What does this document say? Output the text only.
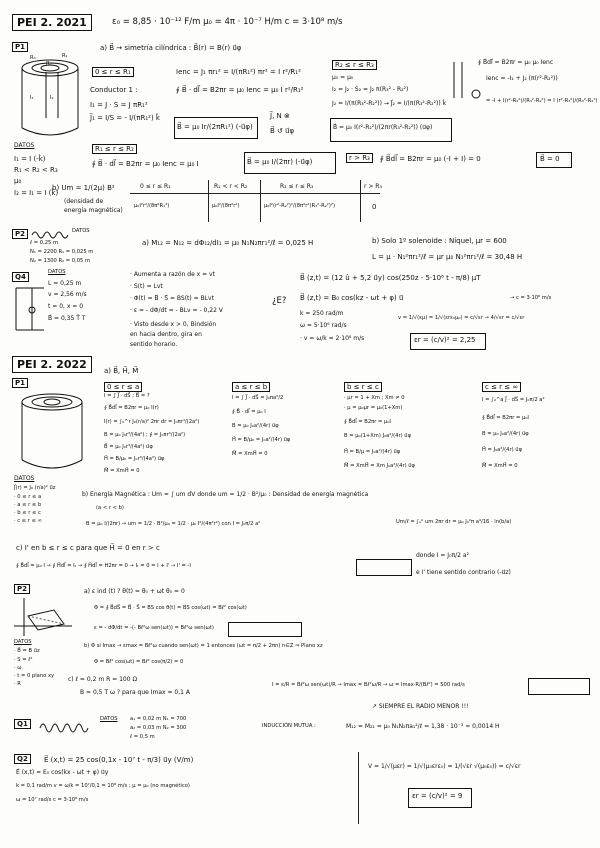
PEI 2. 2021	ε₀ = 8,85 · 10⁻¹² F/m μ₀ = 4π · 10⁻⁷ H/m c = 3·10⁸ m/s
P1	a) B⃗ → simetría cilíndrica : B⃗(r) = B(r) u⃗φ
R₁
R₃
R₂
I₁	I₂
DATOS
I₁ = I (-k̂)
R₁ < R₂ < R₃
μ₀
I₂ = I₁ = I (k̂)
0 ≤ r ≤ R₁
Conductor 1 :
I₁ = J · S = J πR₁²
J⃗₁ = I/S = - I/(πR₁²) k̂
Ienc = J₁ πr₁² = I/(πR₁²) πr² = I r²/R₁²
∮ B⃗ · dl⃗ = B2πr = μ₀ Ienc = μ₀ I r²/R₁²
B⃗ = μ₀ Ir/(2πR₁²) (-u⃗φ)
J⃗, N ⊗
B⃗ ↺ u⃗φ
R₁ ≤ r ≤ R₂
∮ B⃗ · dl⃗ = B2πr = μ₀ Ienc = μ₀ I	B⃗ = μ₀ I/(2πr) (-u⃗φ)
R₂ ≤ r ≤ R₃
μ₀ = μ₀
I₂ = J₂ · S₂ = J₂ π(R₃² - R₂²)
J₂ = I/(π(R₃²-R₂²)) → J⃗₂ = I/(π(R₃²-R₂²)) k̂
B⃗ = μ₀ I(r²-R₂²)/(2πr(R₃²-R₂²)) (u⃗φ)
∮ B⃗dl⃗ = B2πr = μ₀ μ₀ Ienc
Ienc = -I₁ + J₂ (π(r²-R₂²))
= -I + I(r²-R₂²)/(R₃²-R₂²) = I (r²-R₃²)/(R₃²-R₂²)
r > R₃	∮ B⃗dl⃗ = B2πr = μ₀ (-I + I) = 0	B⃗ = 0
b) Um = 1/(2μ) B²
(densidad de
energía magnética)
0 ≤ r ≤ R₁	R₁ < r < R₂	R₂ ≤ r ≤ R₃	r > R₃
μ₀I²r²/(8π²R₁⁴)	μ₀I²/(8π²r²)	μ₀I²(r²-R₂²)²/(8π²r²(R₃²-R₂²)²)	0
P2	DATOS
ℓ = 0,25 m
N₁ = 2200 R₁ = 0,025 m
N₂ = 1300 R₂ = 0,05 m
a) M₁₂ = N₁₂ = dΦ₁₂/dI₁ = μ₀ N₁N₂πr₁²/ℓ = 0,025 H	b) Solo 1º solenoide : Níquel, μr = 600
L = μ · N₁²πr₁²/ℓ = μr μ₀ N₁²πr₁²/ℓ = 30,48 H
Q4
DATOS
L = 0,25 m
v = 2,56 m/s
t = 0, x = 0
B⃗ = 0,35 Ť T
· Aumenta a razón de x = vt
· S(t) = Lvt
· Φ(t) = B⃗ · S⃗ = BS(t) = BLvt
· ε = - dΦ/dt = - BLv = - 0,22 V
· Visto desde x > 0, Bindsión
en hacia dentro, gira en
sentido horario.
¿E?
B⃗ (z,t) = (12 û + 5,2 u⃗y) cos(250z - 5·10⁶ t - π/8) μT
B⃗ (z,t) = B₀ cos(kz - ωt + φ) u⃗
k = 250 rad/m
ω = 5·10⁶ rad/s
· v = ω/k = 2·10⁸ m/s
→ c = 3·10⁸ m/s
v = 1/√(εμ) = 1/√(εrε₀μ₀) = c/√εr → 4/√εr = c/√εr
εr = (c/v)² = 2,25
PEI 2. 2022	a) B⃗, H⃗, M⃗
P1
DATOS
J⃗(r) = J₀ (r/a)² u⃗z
· 0 ≤ r ≤ a
· a ≤ r ≤ b
· b ≤ r ≤ c
· c ≤ r ≤ ∞
0 ≤ r ≤ a
I = ∫ J⃗ · dS⃗ ; B⃗ = ?
∮ B⃗dl⃗ = B2πr = μ₀ I(r)
I(r) = ∫₀^r J₀(r/a)² 2πr dr = J₀πr⁴/(2a²)
B = μ₀ J₀r³/(4a²) ; ∮ = J₀πr⁴/(2a²)
B⃗ = μ₀ J₀r³/(4a²) u⃗φ
H⃗ = B/μ₀ = J₀r³/(4a²) u⃗φ
M⃗ = XmH⃗ = 0
a ≤ r ≤ b
I = ∫ J⃗ · dS⃗ = J₀πa²/2
∮ B⃗ · dl⃗ = μ₀ I
B = μ₀ J₀a²/(4r) u⃗φ
H⃗ = B/μ₀ = J₀a²/(4r) u⃗φ
M⃗ = XmH⃗ = 0
b ≤ r ≤ c
· μr = 1 + Xm ; Xm ≠ 0
· μ = μ₀μr = μ₀(1+Xm)
∮ B⃗dl⃗ = B2πr = μ₀I
B = μ₀(1+Xm) J₀a²/(4r) u⃗φ
H⃗ = B/μ = J₀a²/(4r) u⃗φ
M⃗ = XmH⃗ = Xm J₀a²/(4r) u⃗φ
c ≤ r ≤ ∞
I = ∫₀^a J⃗ · dS⃗ = J₀π/2 a²
∮ B⃗dl⃗ = B2πr = μ₀I
B = μ₀ J₀a²/(4r) u⃗φ
H⃗ = J₀a²/(4r) u⃗φ
M⃗ = XmH⃗ = 0
b) Energía Magnética : Um = ∫ um dV donde um = 1/2 · B²/μ₀ : Densidad de energía magnética
(a < r < b)
B = μ₀ I/(2πr) → um = 1/2 · B²/μ₀ = 1/2 · μ₀ I²/(4π²r²) con I = J₀π/2 a²	Um/ℓ = ∫ₐᵇ um 2πr dr = μ₀ J₀²π a⁴/16 · ln(b/a)
c) I' en b ≤ r ≤ c para que H⃗ = 0 en r > c
∮ B⃗dl⃗ = μ₀ I → ∮ H⃗dl⃗ = Iₜ → ∮ H⃗dl⃗ = H2πr = 0 → Iₜ = 0 = I + I' → I' = -I
donde I = J₀π/2 a²
e I' tiene sentido contrario (-u⃗z)
P2
DATOS
· B⃗ = B u⃗z
· S = ℓ²
· ω
· t = 0 plano xy
· R
a) ε ind (t) ? θ(t) = θ₀ + ωt θ₀ = 0
Φ = ∮ B⃗dS⃗ = B⃗ · S⃗ = BS cos θ(t) = BS cos(ωt) = Bℓ² cos(ωt)
ε = - dΦ/dt = -(- Bℓ²ω sen(ωt)) = Bℓ²ω sen(ωt)
b) Φ si Imax → εmax = Bℓ²ω cuando sen(ωt) = 1 entonces (ωt = π/2 + 2πn) n∈Z ⇒ Plano xz
Φ = Bℓ² cos(ωt) = Bℓ² cos(π/2) = 0
c) ℓ = 0,2 m R = 100 Ω
B = 0,5 T ω ? para que Imax = 0,1 A
I = ε/R = Bℓ²ω sen(ωt)/R → Imax = Bℓ²ω/R → ω = Imax·R/(Bℓ²) = 500 rad/s
↗ SIEMPRE EL RADIO MENOR !!!
Q1
DATOS a₁ = 0,02 m N₁ = 700
a₂ = 0,03 m N₂ = 300
ℓ = 0,5 m
INDUCCIÓN MUTUA :	M₁₂ = M₂₁ = μ₀ N₁N₂πa₁²/ℓ = 1,38 · 10⁻³ ≈ 0,0014 H
Q2	E⃗ (x,t) = 25 cos(0,1x - 10⁷ t - π/3) u⃗y (V/m)
E⃗ (x,t) = E₀ cos(kx - ωt + φ) u⃗y
k = 0,1 rad/m v = ω/k = 10⁷/0,1 = 10⁸ m/s ; μ = μ₀ (no magnético)
ω = 10⁷ rad/s c = 3·10⁸ m/s
V = 1/√(μεr) = 1/√(μ₀εrε₀) = 1/(√εr √(μ₀ε₀)) = c/√εr
εr = (c/v)² = 9
